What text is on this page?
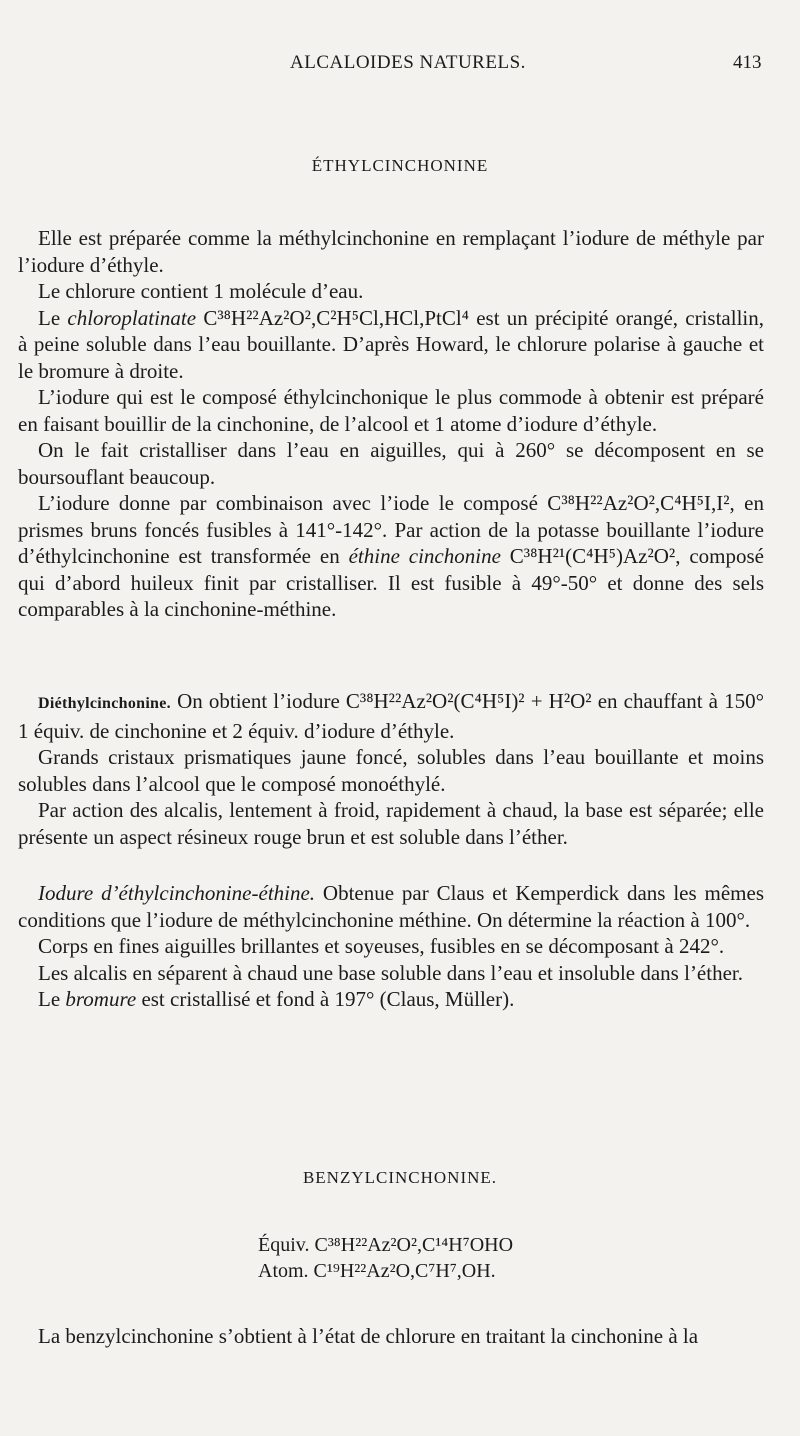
ALCALOIDES NATURELS.	413
ÉTHYLCINCHONINE

Elle est préparée comme la méthylcinchonine en remplaçant l’iodure de méthyle par l’iodure d’éthyle.

Le chlorure contient 1 molécule d’eau.

Le chloroplatinate C³⁸H²²Az²O²,C²H⁵Cl,HCl,PtCl⁴ est un précipité orangé, cristallin, à peine soluble dans l’eau bouillante. D’après Howard, le chlorure polarise à gauche et le bromure à droite.

L’iodure qui est le composé éthylcinchonique le plus commode à obtenir est préparé en faisant bouillir de la cinchonine, de l’alcool et 1 atome d’iodure d’éthyle.

On le fait cristalliser dans l’eau en aiguilles, qui à 260° se décomposent en se boursouflant beaucoup.

L’iodure donne par combinaison avec l’iode le composé C³⁸H²²Az²O²,C⁴H⁵I,I², en prismes bruns foncés fusibles à 141°-142°. Par action de la potasse bouillante l’iodure d’éthylcinchonine est transformée en éthine cinchonine C³⁸H²¹(C⁴H⁵)Az²O², composé qui d’abord huileux finit par cristalliser. Il est fusible à 49°-50° et donne des sels comparables à la cinchonine-méthine.

Diéthylcinchonine. On obtient l’iodure C³⁸H²²Az²O²(C⁴H⁵I)² + H²O² en chauffant à 150° 1 équiv. de cinchonine et 2 équiv. d’iodure d’éthyle.

Grands cristaux prismatiques jaune foncé, solubles dans l’eau bouillante et moins solubles dans l’alcool que le composé monoéthylé.

Par action des alcalis, lentement à froid, rapidement à chaud, la base est séparée; elle présente un aspect résineux rouge brun et est soluble dans l’éther.

Iodure d’éthylcinchonine-éthine. Obtenue par Claus et Kemperdick dans les mêmes conditions que l’iodure de méthylcinchonine méthine. On détermine la réaction à 100°.

Corps en fines aiguilles brillantes et soyeuses, fusibles en se décomposant à 242°.

Les alcalis en séparent à chaud une base soluble dans l’eau et insoluble dans l’éther.

Le bromure est cristallisé et fond à 197° (Claus, Müller).

BENZYLCINCHONINE.
Équiv. C³⁸H²²Az²O²,C¹⁴H⁷OHO
Atom. C¹⁹H²²Az²O,C⁷H⁷,OH.

La benzylcinchonine s’obtient à l’état de chlorure en traitant la cinchonine à la
